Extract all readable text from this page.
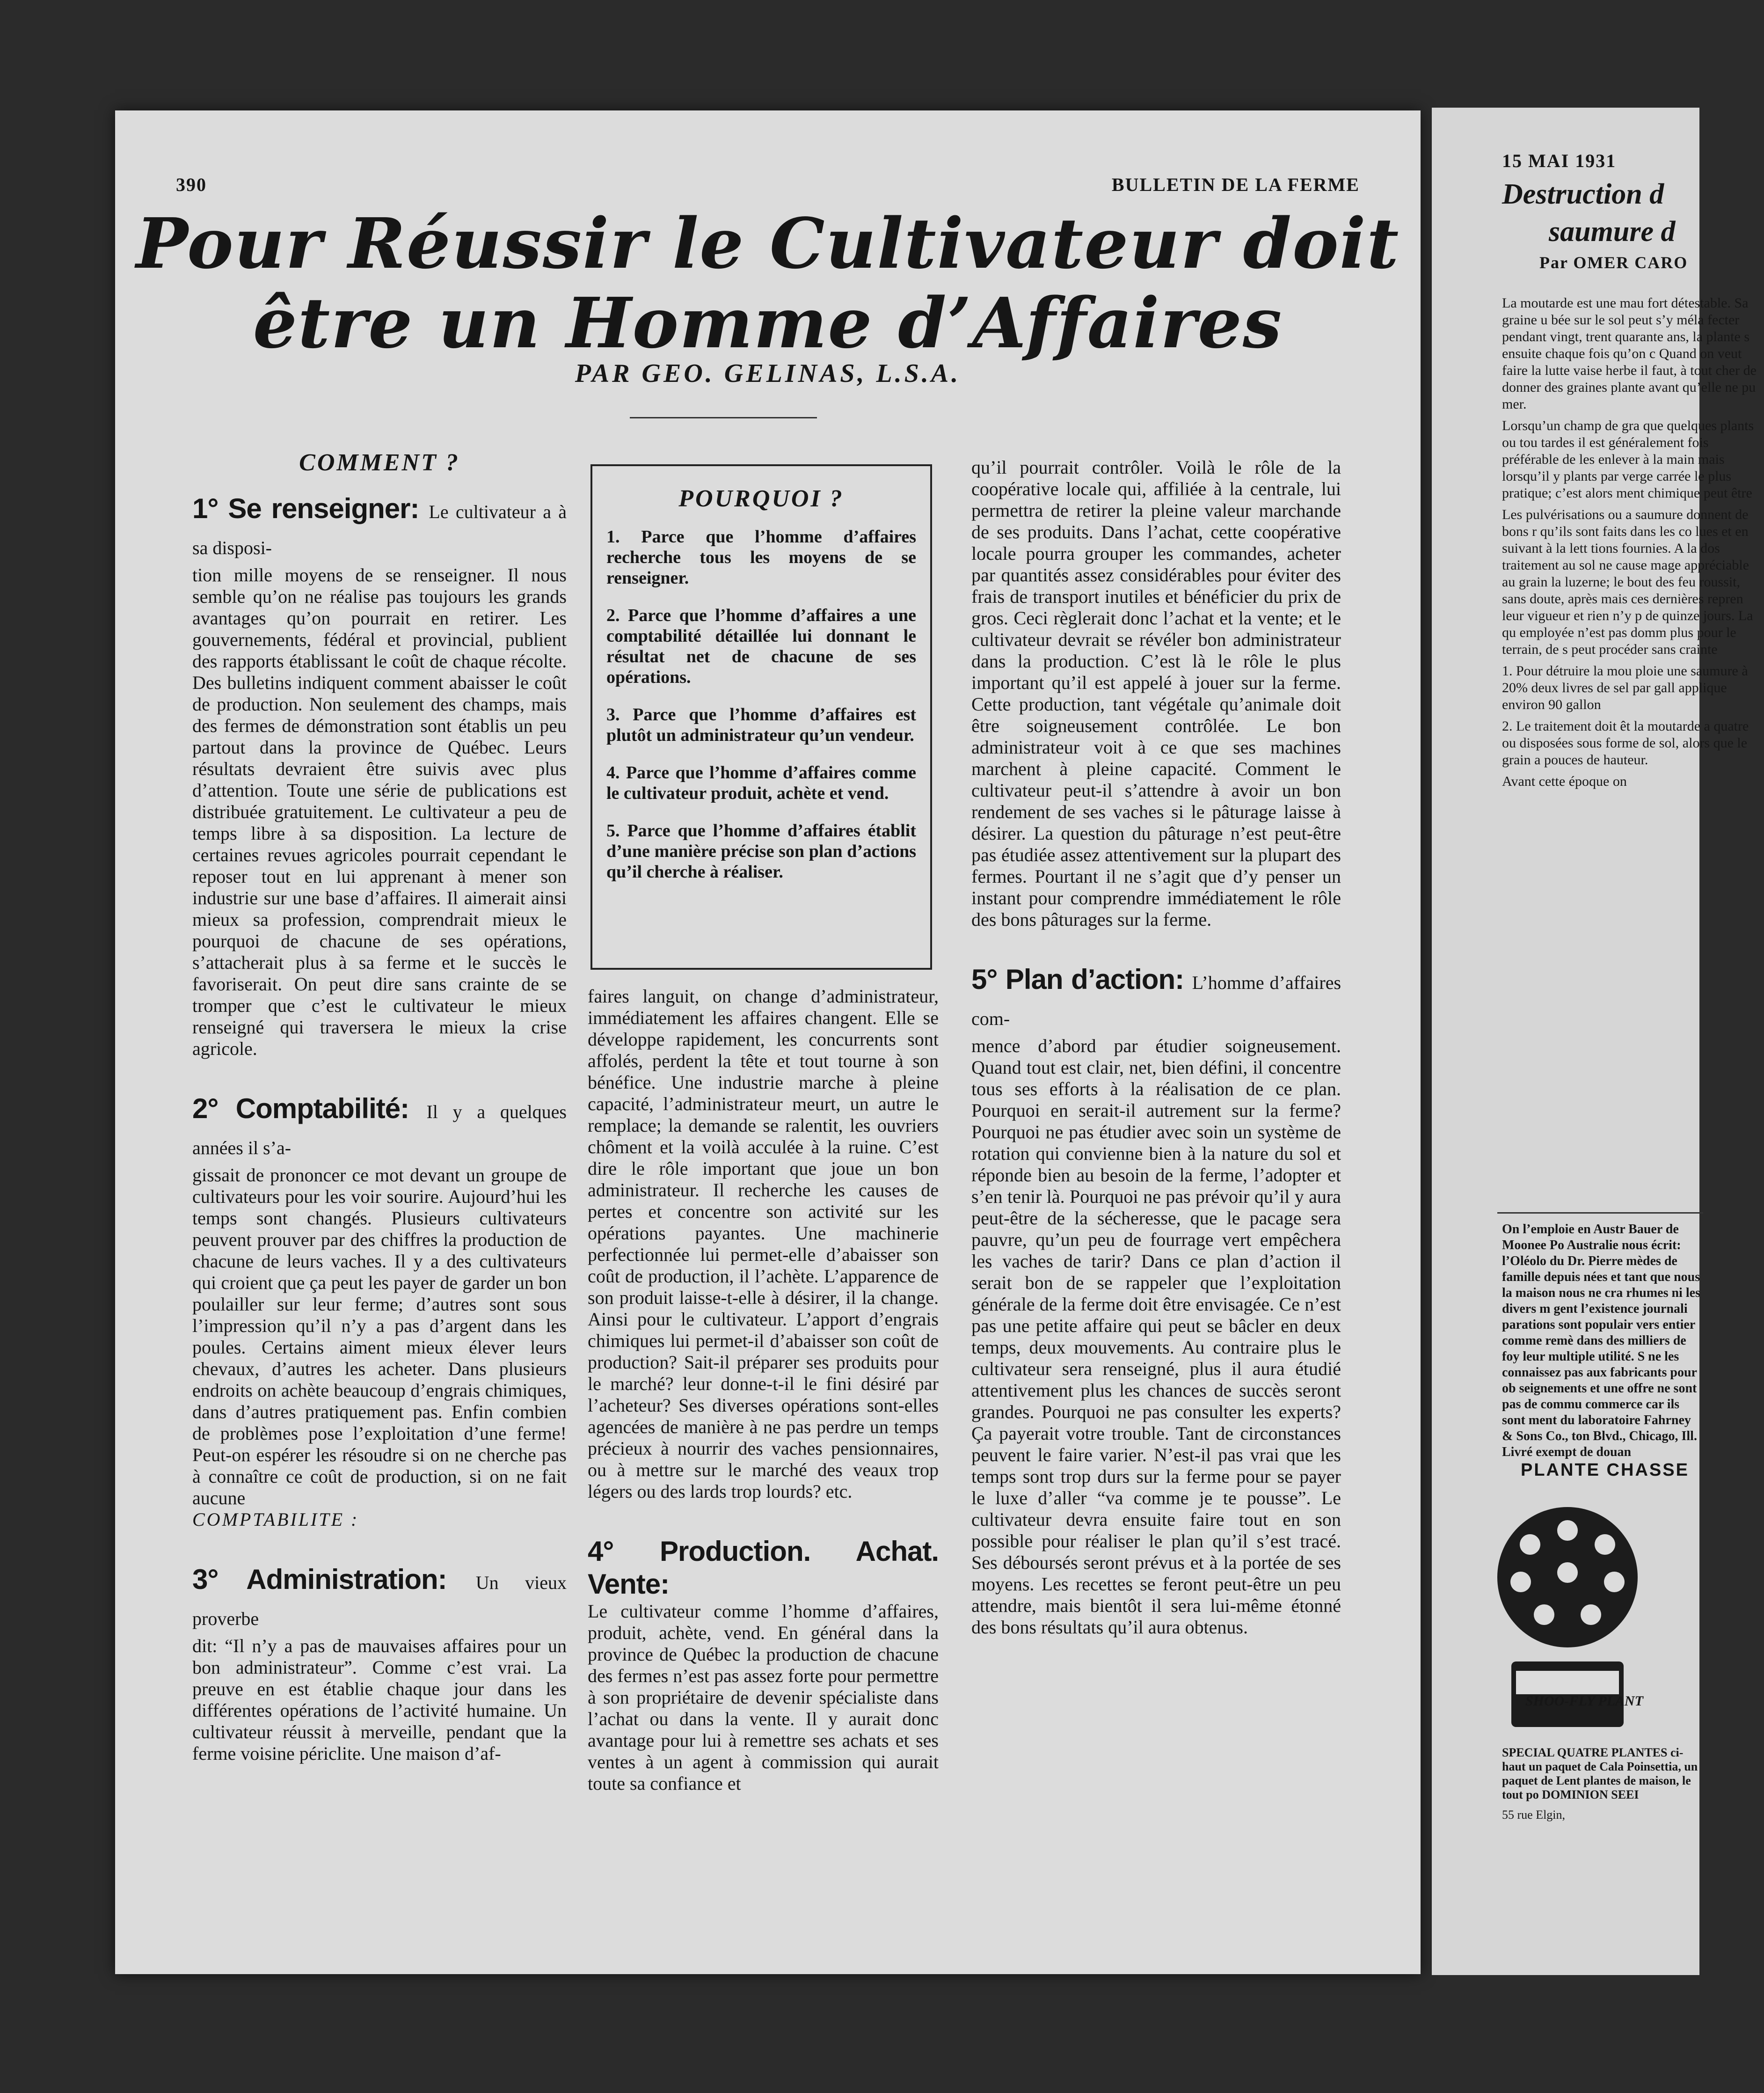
390	BULLETIN DE LA FERME
Pour Réussir le Cultivateur doit
être un Homme d’Affaires
PAR GEO. GELINAS, L.S.A.
COMMENT ?
1° Se renseigner: Le cultivateur a à sa disposi-

tion mille moyens de se renseigner. Il nous semble qu’on ne réalise pas toujours les grands avantages qu’on pourrait en retirer. Les gouvernements, fédéral et provincial, publient des rapports établissant le coût de chaque récolte. Des bulletins indiquent comment abaisser le coût de production. Non seulement des champs, mais des fermes de démonstration sont établis un peu partout dans la province de Québec. Leurs résultats devraient être suivis avec plus d’attention. Toute une série de publications est distribuée gratuitement. Le cultivateur a peu de temps libre à sa disposition. La lecture de certaines revues agricoles pourrait cependant le reposer tout en lui apprenant à mener son industrie sur une base d’affaires. Il aimerait ainsi mieux sa profession, comprendrait mieux le pourquoi de chacune de ses opérations, s’attacherait plus à sa ferme et le succès le favoriserait. On peut dire sans crainte de se tromper que c’est le cultivateur le mieux renseigné qui traversera le mieux la crise agricole.

2° Comptabilité: Il y a quelques années il s’a-

gissait de prononcer ce mot devant un groupe de cultivateurs pour les voir sourire. Aujourd’hui les temps sont changés. Plusieurs cultivateurs peuvent prouver par des chiffres la production de chacune de leurs vaches. Il y a des cultivateurs qui croient que ça peut les payer de garder un bon poulailler sur leur ferme; d’autres sont sous l’impression qu’il n’y a pas d’argent dans les poules. Certains aiment mieux élever leurs chevaux, d’autres les acheter. Dans plusieurs endroits on achète beaucoup d’engrais chimiques, dans d’autres pratiquement pas. Enfin combien de problèmes pose l’exploitation d’une ferme! Peut-on espérer les résoudre si on ne cherche pas à connaître ce coût de production, si on ne fait aucune

COMPTABILITE :

3° Administration: Un vieux proverbe

dit: “Il n’y a pas de mauvaises affaires pour un bon administrateur”. Comme c’est vrai. La preuve en est établie chaque jour dans les différentes opérations de l’activité humaine. Un cultivateur réussit à merveille, pendant que la ferme voisine périclite. Une maison d’af-

POURQUOI ?
1. Parce que l’homme d’affaires recherche tous les moyens de se renseigner.
2. Parce que l’homme d’affaires a une comptabilité détaillée lui donnant le résultat net de chacune de ses opérations.
3. Parce que l’homme d’affaires est plutôt un administrateur qu’un vendeur.
4. Parce que l’homme d’affaires comme le cultivateur produit, achète et vend.
5. Parce que l’homme d’affaires établit d’une manière précise son plan d’actions qu’il cherche à réaliser.

faires languit, on change d’administrateur, immédiatement les affaires changent. Elle se développe rapidement, les concurrents sont affolés, perdent la tête et tout tourne à son bénéfice. Une industrie marche à pleine capacité, l’administrateur meurt, un autre le remplace; la demande se ralentit, les ouvriers chôment et la voilà acculée à la ruine. C’est dire le rôle important que joue un bon administrateur. Il recherche les causes de pertes et concentre son activité sur les opérations payantes. Une machinerie perfectionnée lui permet-elle d’abaisser son coût de production, il l’achète. L’apparence de son produit laisse-t-elle à désirer, il la change. Ainsi pour le cultivateur. L’apport d’engrais chimiques lui permet-il d’abaisser son coût de production? Sait-il préparer ses produits pour le marché? leur donne-t-il le fini désiré par l’acheteur? Ses diverses opérations sont-elles agencées de manière à ne pas perdre un temps précieux à nourrir des vaches pensionnaires, ou à mettre sur le marché des veaux trop légers ou des lards trop lourds? etc.

4° Production. Achat. Vente:

Le cultivateur comme l’homme d’affaires, produit, achète, vend. En général dans la province de Québec la production de chacune des fermes n’est pas assez forte pour permettre à son propriétaire de devenir spécialiste dans l’achat ou dans la vente. Il y aurait donc avantage pour lui à remettre ses achats et ses ventes à un agent à commission qui aurait toute sa confiance et

qu’il pourrait contrôler. Voilà le rôle de la coopérative locale qui, affiliée à la centrale, lui permettra de retirer la pleine valeur marchande de ses produits. Dans l’achat, cette coopérative locale pourra grouper les commandes, acheter par quantités assez considérables pour éviter des frais de transport inutiles et bénéficier du prix de gros. Ceci règlerait donc l’achat et la vente; et le cultivateur devrait se révéler bon administrateur dans la production. C’est là le rôle le plus important qu’il est appelé à jouer sur la ferme. Cette production, tant végétale qu’animale doit être soigneusement contrôlée. Le bon administrateur voit à ce que ses machines marchent à pleine capacité. Comment le cultivateur peut-il s’attendre à avoir un bon rendement de ses vaches si le pâturage laisse à désirer. La question du pâturage n’est peut-être pas étudiée assez attentivement sur la plupart des fermes. Pourtant il ne s’agit que d’y penser un instant pour comprendre immédiatement le rôle des bons pâturages sur la ferme.

5° Plan d’action: L’homme d’affaires com-

mence d’abord par étudier soigneusement. Quand tout est clair, net, bien défini, il concentre tous ses efforts à la réalisation de ce plan. Pourquoi en serait-il autrement sur la ferme? Pourquoi ne pas étudier avec soin un système de rotation qui convienne bien à la nature du sol et réponde bien au besoin de la ferme, l’adopter et s’en tenir là. Pourquoi ne pas prévoir qu’il y aura peut-être de la sécheresse, que le pacage sera pauvre, qu’un peu de fourrage vert empêchera les vaches de tarir? Dans ce plan d’action il serait bon de se rappeler que l’exploitation générale de la ferme doit être envisagée. Ce n’est pas une petite affaire qui peut se bâcler en deux temps, deux mouvements. Au contraire plus le cultivateur sera renseigné, plus il aura étudié attentivement plus les chances de succès seront grandes. Pourquoi ne pas consulter les experts? Ça payerait votre trouble. Tant de circonstances peuvent le faire varier. N’est-il pas vrai que les temps sont trop durs sur la ferme pour se payer le luxe d’aller “va comme je te pousse”. Le cultivateur devra ensuite faire tout en son possible pour réaliser le plan qu’il s’est tracé. Ses déboursés seront prévus et à la portée de ses moyens. Les recettes se feront peut-être un peu attendre, mais bientôt il sera lui-même étonné des bons résultats qu’il aura obtenus.

15 MAI 1931
Destruction d
saumure d
Par OMER CARO

La moutarde est une mau fort détestable. Sa graine u bée sur le sol peut s’y méla fecter pendant vingt, trent quarante ans, la plante s ensuite chaque fois qu’on c Quand on veut faire la lutte vaise herbe il faut, à tout cher de donner des graines plante avant qu’elle ne pu mer.

Lorsqu’un champ de gra que quelques plants ou tou tardes il est généralement fois préférable de les enlever à la main mais lorsqu’il y plants par verge carrée le plus pratique; c’est alors ment chimique peut être

Les pulvérisations ou a saumure donnent de bons r qu’ils sont faits dans les co lues et en suivant à la lett tions fournies. A la dos traitement au sol ne cause mage appréciable au grain la luzerne; le bout des feu roussit, sans doute, après mais ces dernières repren leur vigueur et rien n’y p de quinze jours. La qu employée n’est pas domm plus pour le terrain, de s peut procéder sans crainte

1. Pour détruire la mou ploie une saumure à 20% deux livres de sel par gall applique environ 90 gallon

2. Le traitement doit êt la moutarde a quatre ou disposées sous forme de sol, alors que le grain a pouces de hauteur.

Avant cette époque on

On l’emploie en Austr Bauer de Moonee Po Australie nous écrit: l’Oléolo du Dr. Pierre mèdes de famille depuis nées et tant que nous la maison nous ne cra rhumes ni les divers m gent l’existence journali parations sont populair vers entier comme remè dans des milliers de foy leur multiple utilité. S ne les connaissez pas aux fabricants pour ob seignements et une offre ne sont pas de commu commerce car ils sont ment du laboratoire Fahrney & Sons Co., ton Blvd., Chicago, Ill. Livré exempt de douan
PLANTE CHASSE
SHOO-FLY PLANT
SPECIAL QUATRE PLANTES ci-haut un paquet de Cala Poinsettia, un paquet de Lent plantes de maison, le tout po DOMINION SEEI
55 rue Elgin,
